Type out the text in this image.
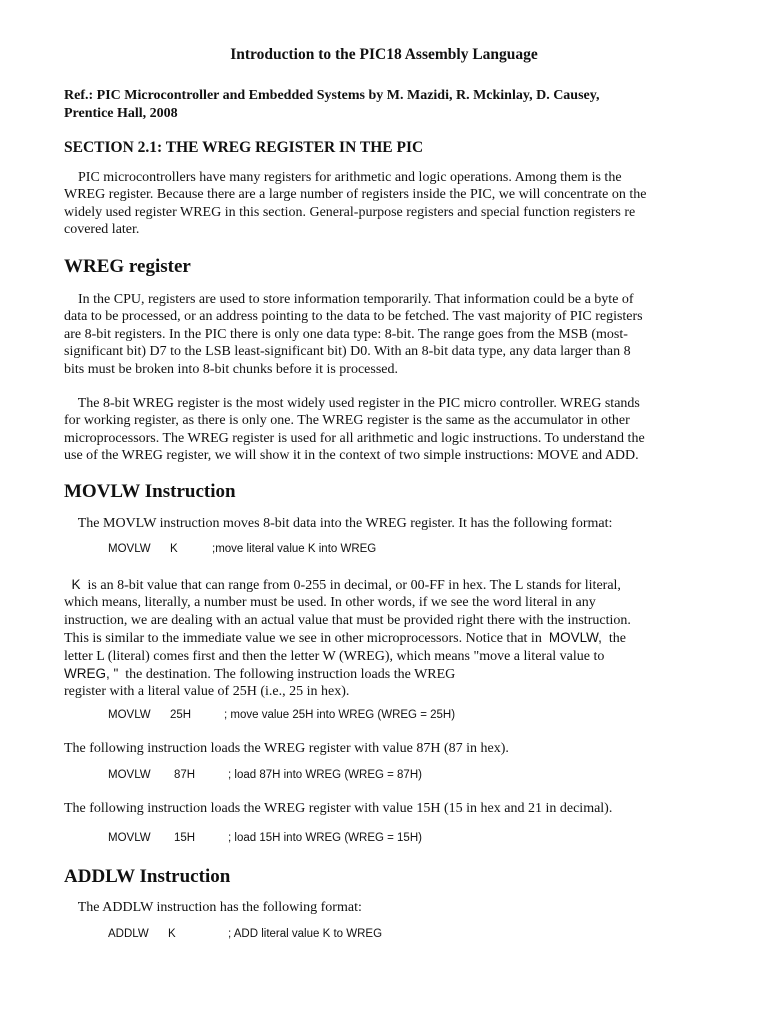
Introduction to the PIC18 Assembly Language
Ref.: PIC Microcontroller and Embedded Systems by M. Mazidi, R. Mckinlay, D. Causey,
Prentice Hall, 2008
SECTION 2.1: THE WREG REGISTER IN THE PIC
PIC microcontrollers have many registers for arithmetic and logic operations. Among them is the
WREG register. Because there are a large number of registers inside the PIC, we will concentrate on the
widely used register WREG in this section. General-purpose registers and special function registers re
covered later.
WREG register
In the CPU, registers are used to store information temporarily. That information could be a byte of
data to be processed, or an address pointing to the data to be fetched. The vast majority of PIC registers
are 8-bit registers. In the PIC there is only one data type: 8-bit. The range goes from the MSB (most-
significant bit) D7 to the LSB least-significant bit) D0. With an 8-bit data type, any data larger than 8
bits must be broken into 8-bit chunks before it is processed.
The 8-bit WREG register is the most widely used register in the PIC micro controller. WREG stands
for working register, as there is only one. The WREG register is the same as the accumulator in other
microprocessors. The WREG register is used for all arithmetic and logic instructions. To understand the
use of the WREG register, we will show it in the context of two simple instructions: MOVE and ADD.
MOVLW Instruction
The MOVLW instruction moves 8-bit data into the WREG register. It has the following format:
MOVLW K	;move literal value K into WREG
K  is an 8-bit value that can range from 0-255 in decimal, or 00-FF in hex. The L stands for literal,
which means, literally, a number must be used. In other words, if we see the word literal in any
instruction, we are dealing with an actual value that must be provided right there with the instruction.
This is similar to the immediate value we see in other microprocessors. Notice that in  MOVLW,  the
letter L (literal) comes first and then the letter W (WREG), which means "move a literal value to
WREG, "  the destination. The following instruction loads the WREG
register with a literal value of 25H (i.e., 25 in hex).
MOVLW 25H	; move value 25H into WREG (WREG = 25H)
The following instruction loads the WREG register with value 87H (87 in hex).
MOVLW 87H	; load 87H into WREG (WREG = 87H)
The following instruction loads the WREG register with value 15H (15 in hex and 21 in decimal).
MOVLW 15H	; load 15H into WREG (WREG = 15H)
ADDLW Instruction
The ADDLW instruction has the following format:
ADDLW K	; ADD literal value K to WREG
